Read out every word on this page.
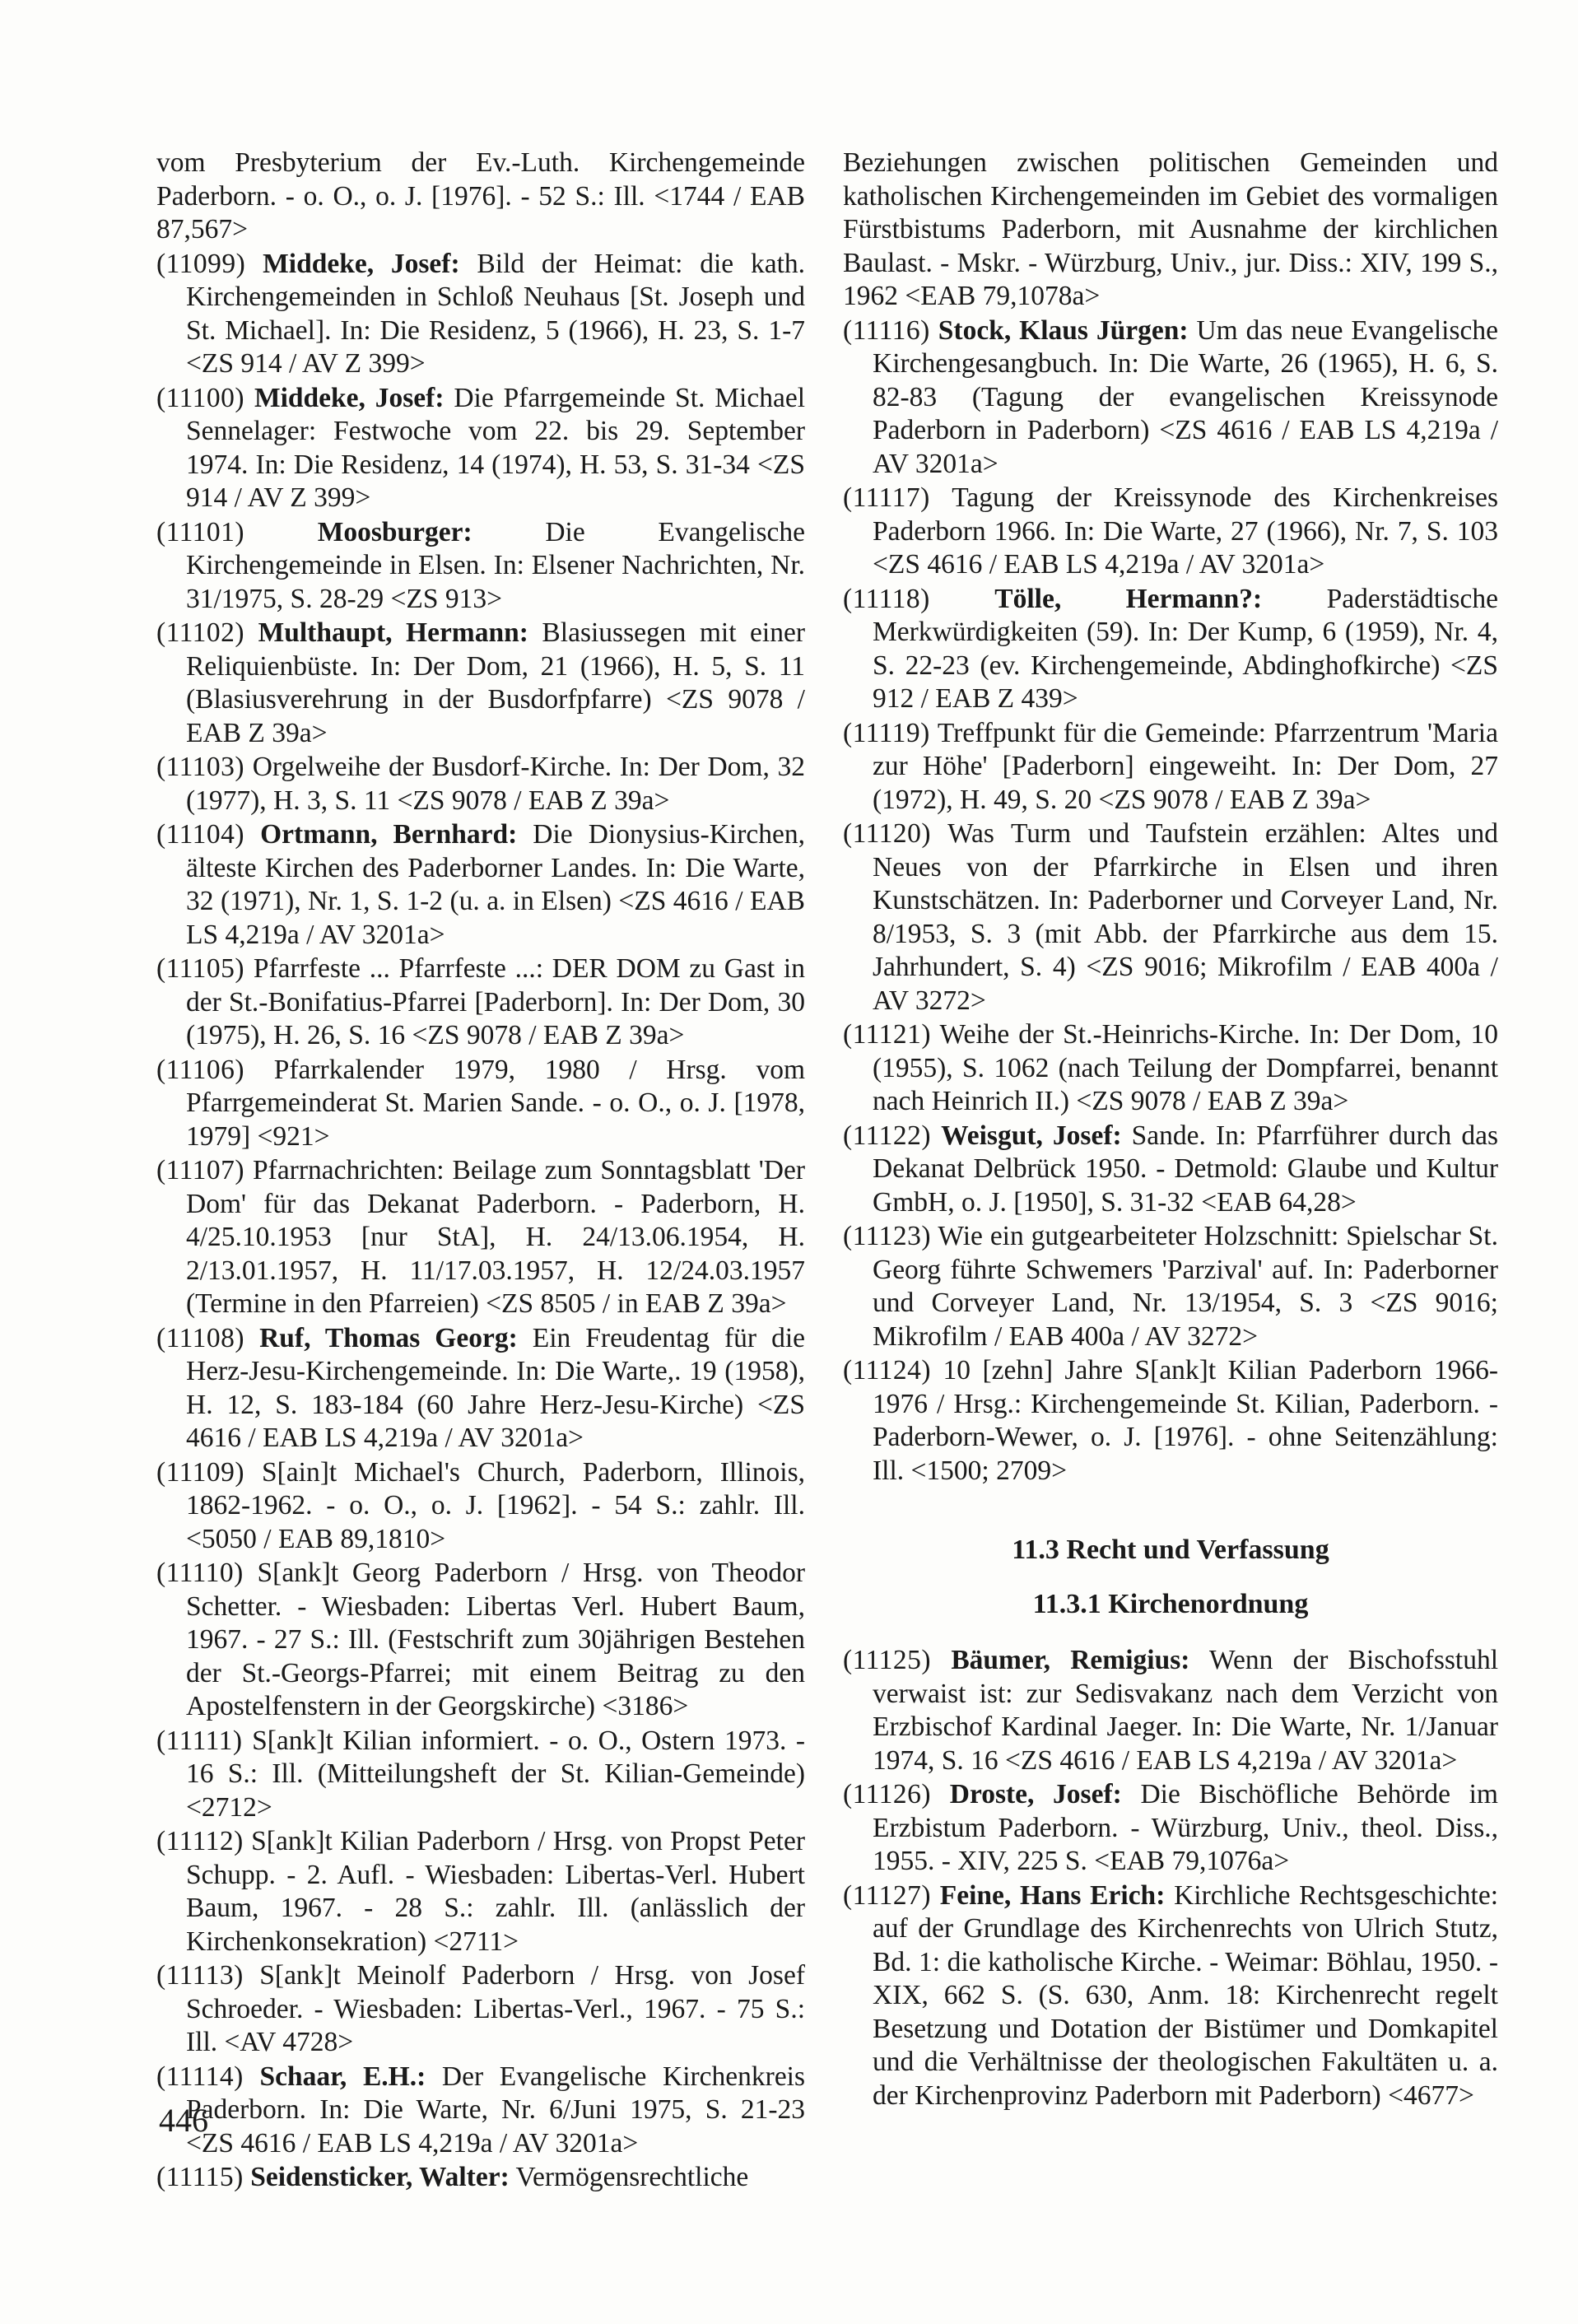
vom Presbyterium der Ev.-Luth. Kirchengemeinde Paderborn. - o. O., o. J. [1976]. - 52 S.: Ill. <1744 / EAB 87,567>
(11099) Middeke, Josef: Bild der Heimat: die kath. Kirchengemeinden in Schloß Neuhaus [St. Joseph und St. Michael]. In: Die Residenz, 5 (1966), H. 23, S. 1-7 <ZS 914 / AV Z 399>
(11100) Middeke, Josef: Die Pfarrgemeinde St. Michael Sennelager: Festwoche vom 22. bis 29. September 1974. In: Die Residenz, 14 (1974), H. 53, S. 31-34 <ZS 914 / AV Z 399>
(11101)	Moosburger:	Die Evangelische Kirchengemeinde in Elsen. In: Elsener Nachrichten, Nr. 31/1975, S. 28-29 <ZS 913>
(11102) Multhaupt, Hermann: Blasiussegen mit einer Reliquienbüste. In: Der Dom, 21 (1966), H. 5, S. 11 (Blasiusverehrung in der Busdorfpfarre) <ZS 9078 / EAB Z 39a>
(11103) Orgelweihe der Busdorf-Kirche. In: Der Dom, 32 (1977), H. 3, S. 11 <ZS 9078 / EAB Z 39a>
(11104) Ortmann, Bernhard: Die Dionysius-Kirchen, älteste Kirchen des Paderborner Landes. In: Die Warte, 32 (1971), Nr. 1, S. 1-2 (u. a. in Elsen) <ZS 4616 / EAB LS 4,219a / AV 3201a>
(11105) Pfarrfeste ... Pfarrfeste ...: DER DOM zu Gast in der St.-Bonifatius-Pfarrei [Paderborn]. In: Der Dom, 30 (1975), H. 26, S. 16 <ZS 9078 / EAB Z 39a>
(11106) Pfarrkalender 1979, 1980 / Hrsg. vom Pfarrgemeinderat St. Marien Sande. - o. O., o. J. [1978, 1979] <921>
(11107) Pfarrnachrichten: Beilage zum Sonntagsblatt 'Der Dom' für das Dekanat Paderborn. - Paderborn, H. 4/25.10.1953 [nur StA], H. 24/13.06.1954, H. 2/13.01.1957, H. 11/17.03.1957, H. 12/24.03.1957 (Termine in den Pfarreien) <ZS 8505 / in EAB Z 39a>
(11108) Ruf, Thomas Georg: Ein Freudentag für die Herz-Jesu-Kirchengemeinde. In: Die Warte,. 19 (1958), H. 12, S. 183-184 (60 Jahre Herz-Jesu-Kirche) <ZS 4616 / EAB LS 4,219a / AV 3201a>
(11109) S[ain]t Michael's Church, Paderborn, Illinois, 1862-1962. - o. O., o. J. [1962]. - 54 S.: zahlr. Ill. <5050 / EAB 89,1810>
(11110) S[ank]t Georg Paderborn / Hrsg. von Theodor Schetter. - Wiesbaden: Libertas Verl. Hubert Baum, 1967. - 27 S.: Ill. (Festschrift zum 30jährigen Bestehen der St.-Georgs-Pfarrei; mit einem Beitrag zu den Apostelfenstern in der Georgskirche) <3186>
(11111) S[ank]t Kilian informiert. - o. O., Ostern 1973. - 16 S.: Ill. (Mitteilungsheft der St. Kilian-Gemeinde) <2712>
(11112) S[ank]t Kilian Paderborn / Hrsg. von Propst Peter Schupp. - 2. Aufl. - Wiesbaden: Libertas-Verl. Hubert Baum, 1967. - 28 S.: zahlr. Ill. (anlässlich der Kirchenkonsekration) <2711>
(11113) S[ank]t Meinolf Paderborn / Hrsg. von Josef Schroeder. - Wiesbaden: Libertas-Verl., 1967. - 75 S.: Ill. <AV 4728>
(11114) Schaar, E.H.: Der Evangelische Kirchenkreis Paderborn. In: Die Warte, Nr. 6/Juni 1975, S. 21-23 <ZS 4616 / EAB LS 4,219a / AV 3201a>
(11115) Seidensticker, Walter: Vermögensrechtliche
Beziehungen zwischen politischen Gemeinden und katholischen Kirchengemeinden im Gebiet des vormaligen Fürstbistums Paderborn, mit Ausnahme der kirchlichen Baulast. - Mskr. - Würzburg, Univ., jur. Diss.: XIV, 199 S., 1962 <EAB 79,1078a>
(11116) Stock, Klaus Jürgen: Um das neue Evangelische Kirchengesangbuch. In: Die Warte, 26 (1965), H. 6, S. 82-83 (Tagung der evangelischen Kreissynode Paderborn in Paderborn) <ZS 4616 / EAB LS 4,219a / AV 3201a>
(11117) Tagung der Kreissynode des Kirchenkreises Paderborn 1966. In: Die Warte, 27 (1966), Nr. 7, S. 103 <ZS 4616 / EAB LS 4,219a / AV 3201a>
(11118) Tölle, Hermann?: Paderstädtische Merkwürdigkeiten (59). In: Der Kump, 6 (1959), Nr. 4, S. 22-23 (ev. Kirchengemeinde, Abdinghofkirche) <ZS 912 / EAB Z 439>
(11119) Treffpunkt für die Gemeinde: Pfarrzentrum 'Maria zur Höhe' [Paderborn] eingeweiht. In: Der Dom, 27 (1972), H. 49, S. 20 <ZS 9078 / EAB Z 39a>
(11120) Was Turm und Taufstein erzählen: Altes und Neues von der Pfarrkirche in Elsen und ihren Kunstschätzen. In: Paderborner und Corveyer Land, Nr. 8/1953, S. 3 (mit Abb. der Pfarrkirche aus dem 15. Jahrhundert, S. 4) <ZS 9016; Mikrofilm / EAB 400a / AV 3272>
(11121) Weihe der St.-Heinrichs-Kirche. In: Der Dom, 10 (1955), S. 1062 (nach Teilung der Dompfarrei, benannt nach Heinrich II.) <ZS 9078 / EAB Z 39a>
(11122) Weisgut, Josef: Sande. In: Pfarrführer durch das Dekanat Delbrück 1950. - Detmold: Glaube und Kultur GmbH, o. J. [1950], S. 31-32 <EAB 64,28>
(11123) Wie ein gutgearbeiteter Holzschnitt: Spielschar St. Georg führte Schwemers 'Parzival' auf. In: Paderborner und Corveyer Land, Nr. 13/1954, S. 3 <ZS 9016; Mikrofilm / EAB 400a / AV 3272>
(11124) 10 [zehn] Jahre S[ank]t Kilian Paderborn 1966-1976 / Hrsg.: Kirchengemeinde St. Kilian, Paderborn. - Paderborn-Wewer, o. J. [1976]. - ohne Seitenzählung: Ill. <1500; 2709>
11.3 Recht und Verfassung
11.3.1 Kirchenordnung
(11125) Bäumer, Remigius: Wenn der Bischofsstuhl verwaist ist: zur Sedisvakanz nach dem Verzicht von Erzbischof Kardinal Jaeger. In: Die Warte, Nr. 1/Januar 1974, S. 16 <ZS 4616 / EAB LS 4,219a / AV 3201a>
(11126) Droste, Josef: Die Bischöfliche Behörde im Erzbistum Paderborn. - Würzburg, Univ., theol. Diss., 1955. - XIV, 225 S. <EAB 79,1076a>
(11127) Feine, Hans Erich: Kirchliche Rechtsgeschichte: auf der Grundlage des Kirchenrechts von Ulrich Stutz, Bd. 1: die katholische Kirche. - Weimar: Böhlau, 1950. - XIX, 662 S. (S. 630, Anm. 18: Kirchenrecht regelt Besetzung und Dotation der Bistümer und Domkapitel und die Verhältnisse der theologischen Fakultäten u. a. der Kirchenprovinz Paderborn mit Paderborn) <4677>
446
